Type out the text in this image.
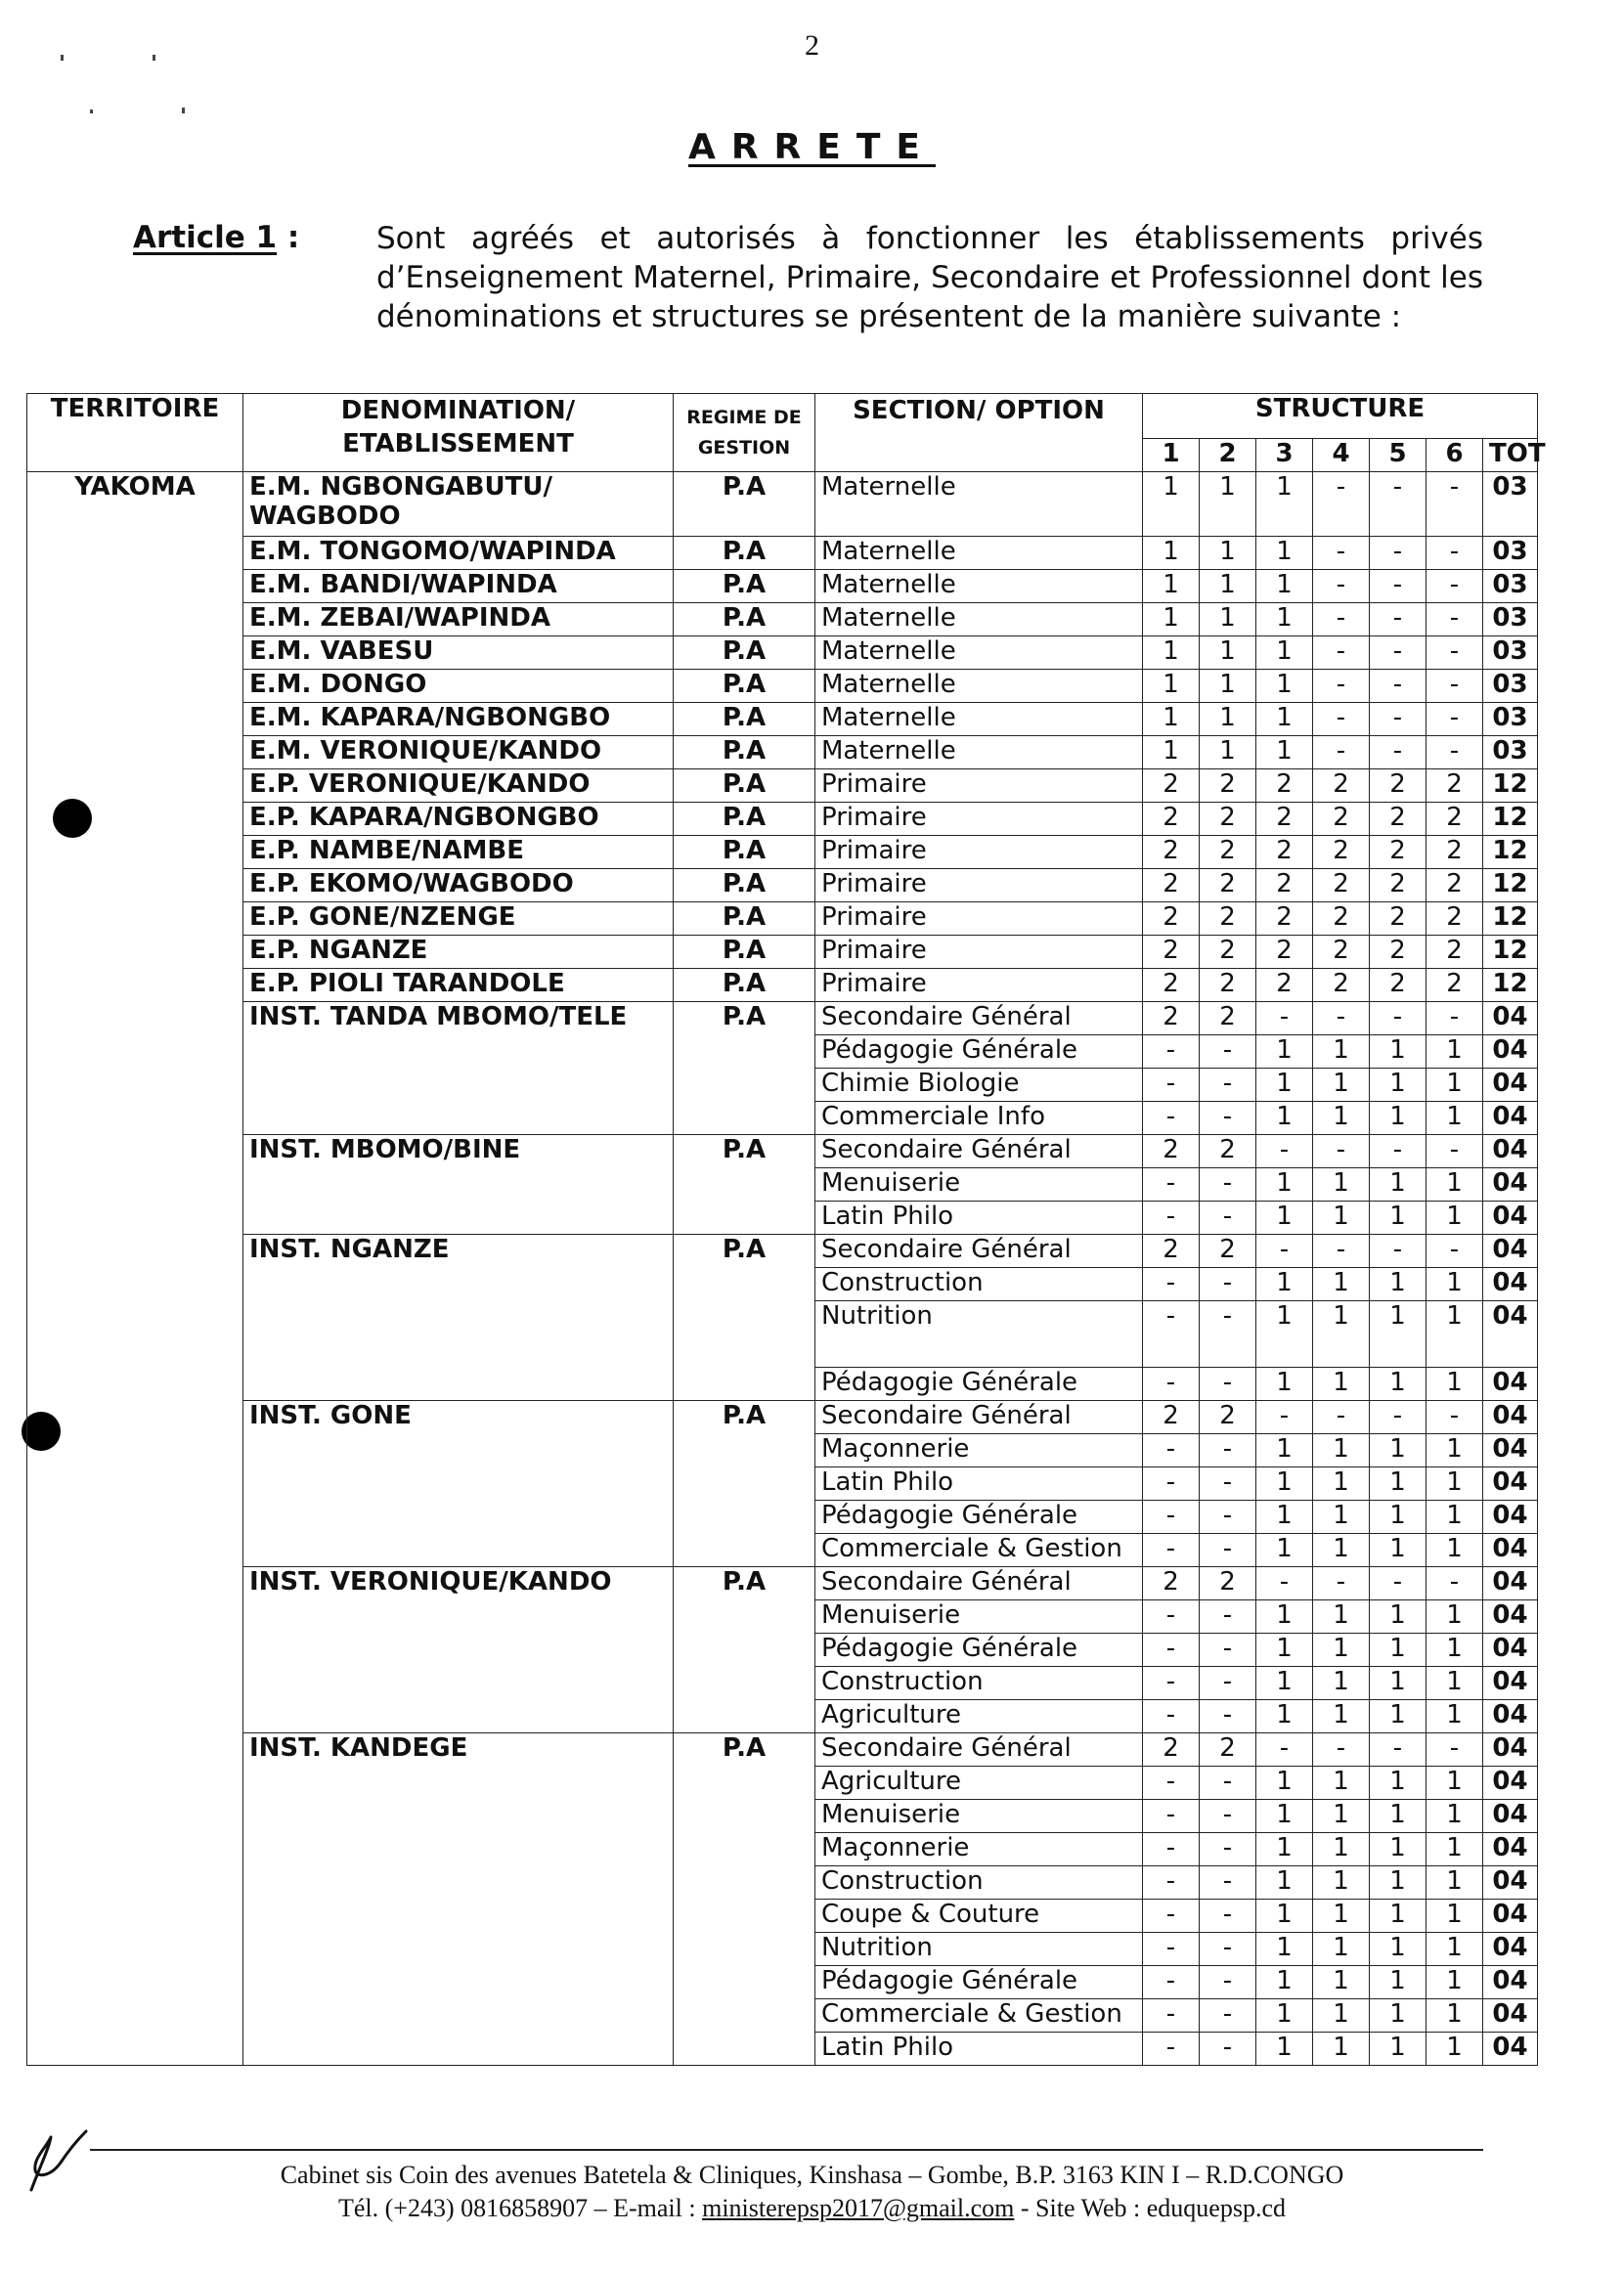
2
ARRETE
Article 1 :	Sont agréés et autorisés à fonctionner les établissements privés d’Enseignement Maternel, Primaire, Secondaire et Professionnel dont les dénominations et structures se présentent de la manière suivante :
TERRITOIRE	DENOMINATION/ ETABLISSEMENT	REGIME DE GESTION	SECTION/ OPTION	STRUCTURE						
				1	2	3	4	5	6	TOT
YAKOMA	E.M. NGBONGABUTU/ WAGBODO	P.A	Maternelle	1	1	1	-	-	-	03
	E.M. TONGOMO/WAPINDA	P.A	Maternelle	1	1	1	-	-	-	03
	E.M. BANDI/WAPINDA	P.A	Maternelle	1	1	1	-	-	-	03
	E.M. ZEBAI/WAPINDA	P.A	Maternelle	1	1	1	-	-	-	03
	E.M. VABESU	P.A	Maternelle	1	1	1	-	-	-	03
	E.M. DONGO	P.A	Maternelle	1	1	1	-	-	-	03
	E.M. KAPARA/NGBONGBO	P.A	Maternelle	1	1	1	-	-	-	03
	E.M. VERONIQUE/KANDO	P.A	Maternelle	1	1	1	-	-	-	03
	E.P. VERONIQUE/KANDO	P.A	Primaire	2	2	2	2	2	2	12
	E.P. KAPARA/NGBONGBO	P.A	Primaire	2	2	2	2	2	2	12
	E.P. NAMBE/NAMBE	P.A	Primaire	2	2	2	2	2	2	12
	E.P. EKOMO/WAGBODO	P.A	Primaire	2	2	2	2	2	2	12
	E.P. GONE/NZENGE	P.A	Primaire	2	2	2	2	2	2	12
	E.P. NGANZE	P.A	Primaire	2	2	2	2	2	2	12
	E.P. PIOLI TARANDOLE	P.A	Primaire	2	2	2	2	2	2	12
	INST. TANDA MBOMO/TELE	P.A	Secondaire Général	2	2	-	-	-	-	04
			Pédagogie Générale	-	-	1	1	1	1	04
			Chimie Biologie	-	-	1	1	1	1	04
			Commerciale Info	-	-	1	1	1	1	04
	INST. MBOMO/BINE	P.A	Secondaire Général	2	2	-	-	-	-	04
			Menuiserie	-	-	1	1	1	1	04
			Latin Philo	-	-	1	1	1	1	04
	INST. NGANZE	P.A	Secondaire Général	2	2	-	-	-	-	04
			Construction	-	-	1	1	1	1	04
			Nutrition	-	-	1	1	1	1	04
			Pédagogie Générale	-	-	1	1	1	1	04
	INST. GONE	P.A	Secondaire Général	2	2	-	-	-	-	04
			Maçonnerie	-	-	1	1	1	1	04
			Latin Philo	-	-	1	1	1	1	04
			Pédagogie Générale	-	-	1	1	1	1	04
			Commerciale & Gestion	-	-	1	1	1	1	04
	INST. VERONIQUE/KANDO	P.A	Secondaire Général	2	2	-	-	-	-	04
			Menuiserie	-	-	1	1	1	1	04
			Pédagogie Générale	-	-	1	1	1	1	04
			Construction	-	-	1	1	1	1	04
			Agriculture	-	-	1	1	1	1	04
	INST. KANDEGE	P.A	Secondaire Général	2	2	-	-	-	-	04
			Agriculture	-	-	1	1	1	1	04
			Menuiserie	-	-	1	1	1	1	04
			Maçonnerie	-	-	1	1	1	1	04
			Construction	-	-	1	1	1	1	04
			Coupe & Couture	-	-	1	1	1	1	04
			Nutrition	-	-	1	1	1	1	04
			Pédagogie Générale	-	-	1	1	1	1	04
			Commerciale & Gestion	-	-	1	1	1	1	04
			Latin Philo	-	-	1	1	1	1	04
Cabinet sis Coin des avenues Batetela & Cliniques, Kinshasa – Gombe, B.P. 3163 KIN I – R.D.CONGO
Tél. (+243) 0816858907 – E-mail : ministerepsp2017@gmail.com - Site Web : eduquepsp.cd
